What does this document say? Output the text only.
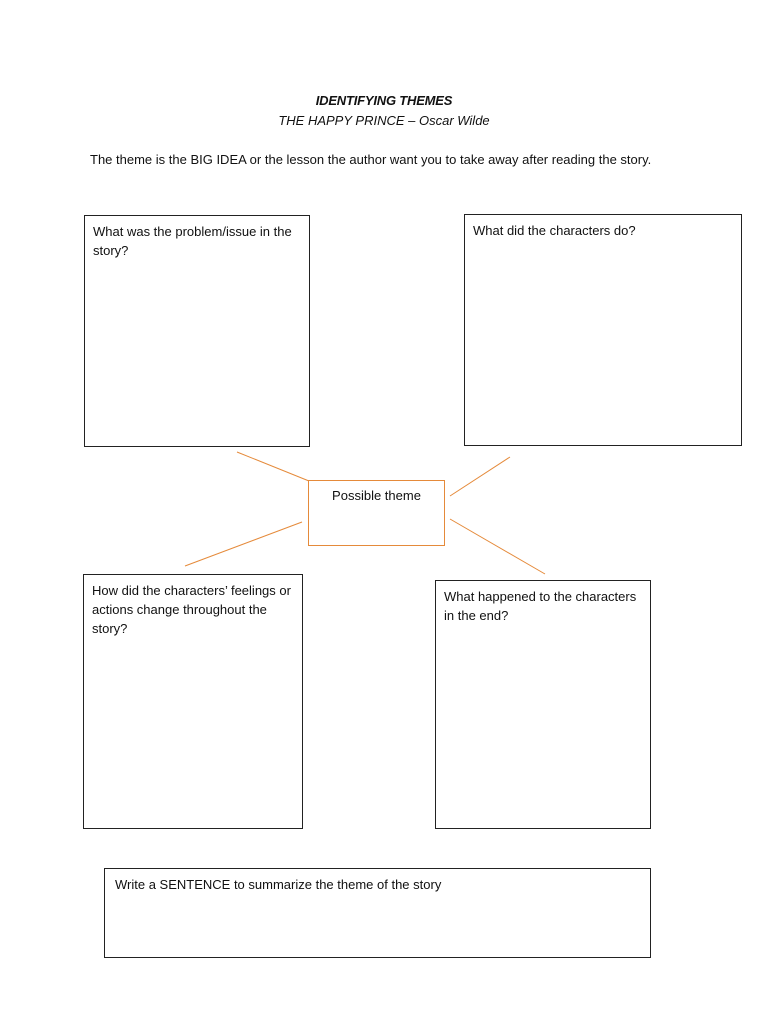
IDENTIFYING THEMES
THE HAPPY PRINCE – Oscar Wilde
The theme is the BIG IDEA or the lesson the author want you to take away after reading the story.
What was the problem/issue in the story?
What did the characters do?
Possible theme
How did the characters’ feelings or actions change throughout the story?
What happened to the characters in the end?
Write a SENTENCE to summarize the theme of the story
